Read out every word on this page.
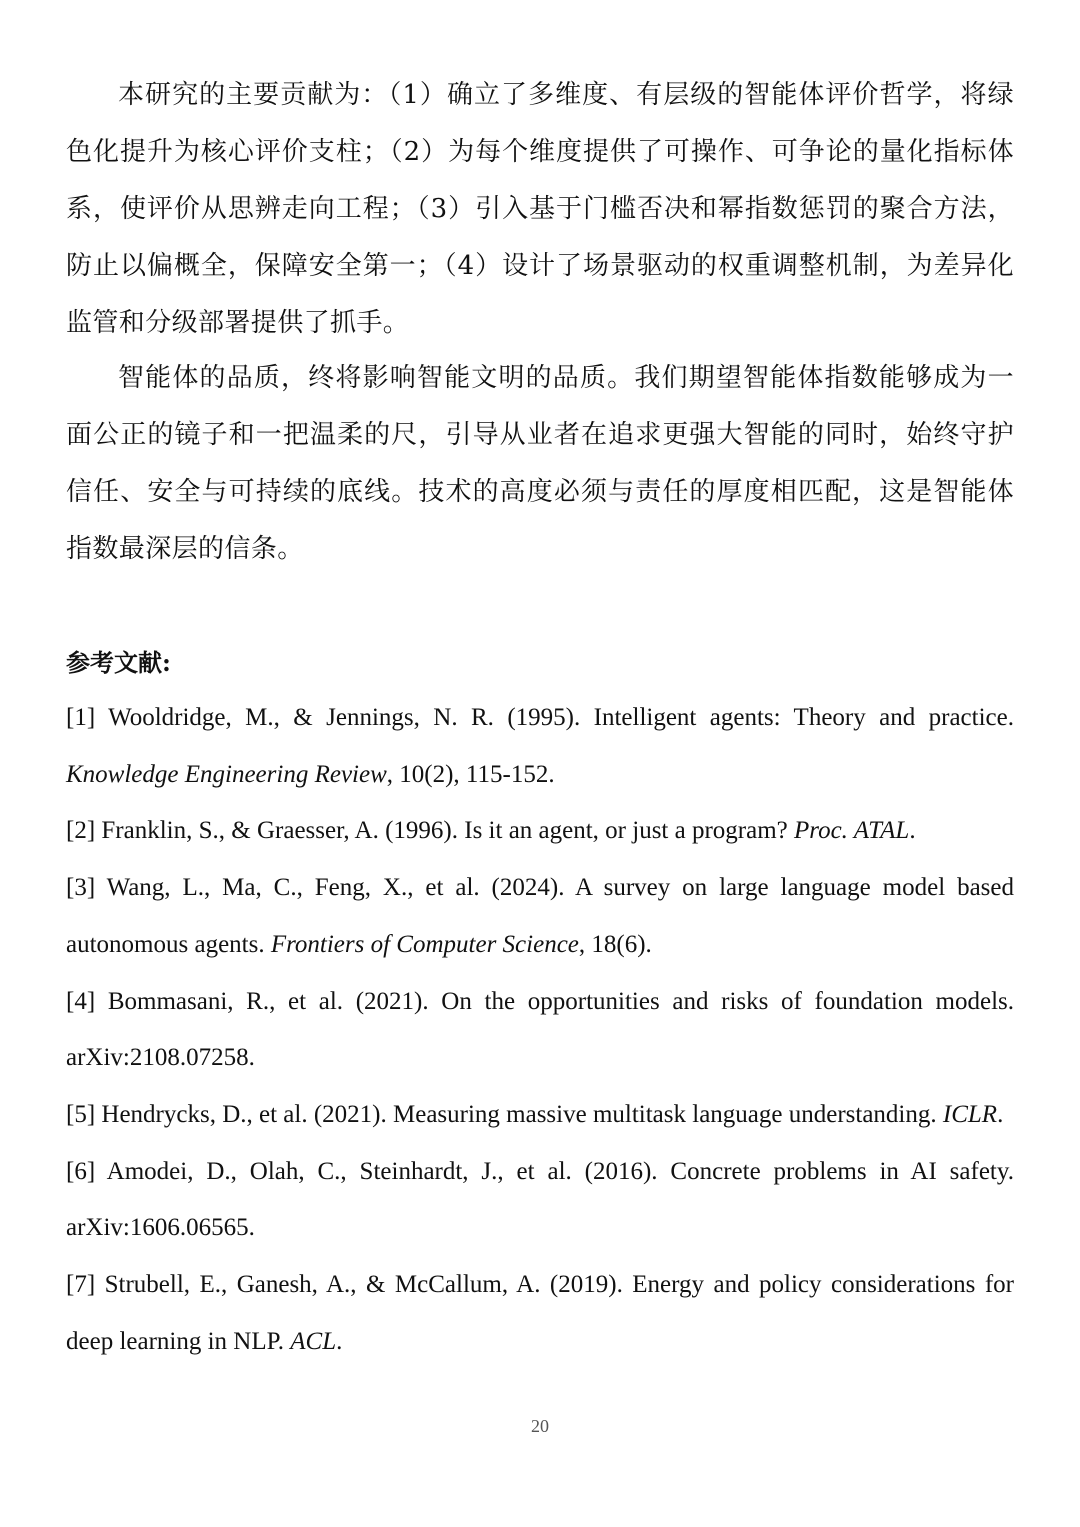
本研究的主要贡献为：（1）确立了多维度、有层级的智能体评价哲学，将绿色化提升为核心评价支柱；（2）为每个维度提供了可操作、可争论的量化指标体系，使评价从思辨走向工程；（3）引入基于门槛否决和幂指数惩罚的聚合方法，防止以偏概全，保障安全第一；（4）设计了场景驱动的权重调整机制，为差异化监管和分级部署提供了抓手。

智能体的品质，终将影响智能文明的品质。我们期望智能体指数能够成为一面公正的镜子和一把温柔的尺，引导从业者在追求更强大智能的同时，始终守护信任、安全与可持续的底线。技术的高度必须与责任的厚度相匹配，这是智能体指数最深层的信条。

参考文献:
[1] Wooldridge, M., & Jennings, N. R. (1995). Intelligent agents: Theory and practice. Knowledge Engineering Review, 10(2), 115-152.
[2] Franklin, S., & Graesser, A. (1996). Is it an agent, or just a program? Proc. ATAL.
[3] Wang, L., Ma, C., Feng, X., et al. (2024). A survey on large language model based autonomous agents. Frontiers of Computer Science, 18(6).
[4] Bommasani, R., et al. (2021). On the opportunities and risks of foundation models. arXiv:2108.07258.
[5] Hendrycks, D., et al. (2021). Measuring massive multitask language understanding. ICLR.
[6] Amodei, D., Olah, C., Steinhardt, J., et al. (2016). Concrete problems in AI safety. arXiv:1606.06565.
[7] Strubell, E., Ganesh, A., & McCallum, A. (2019). Energy and policy considerations for deep learning in NLP. ACL.
20
